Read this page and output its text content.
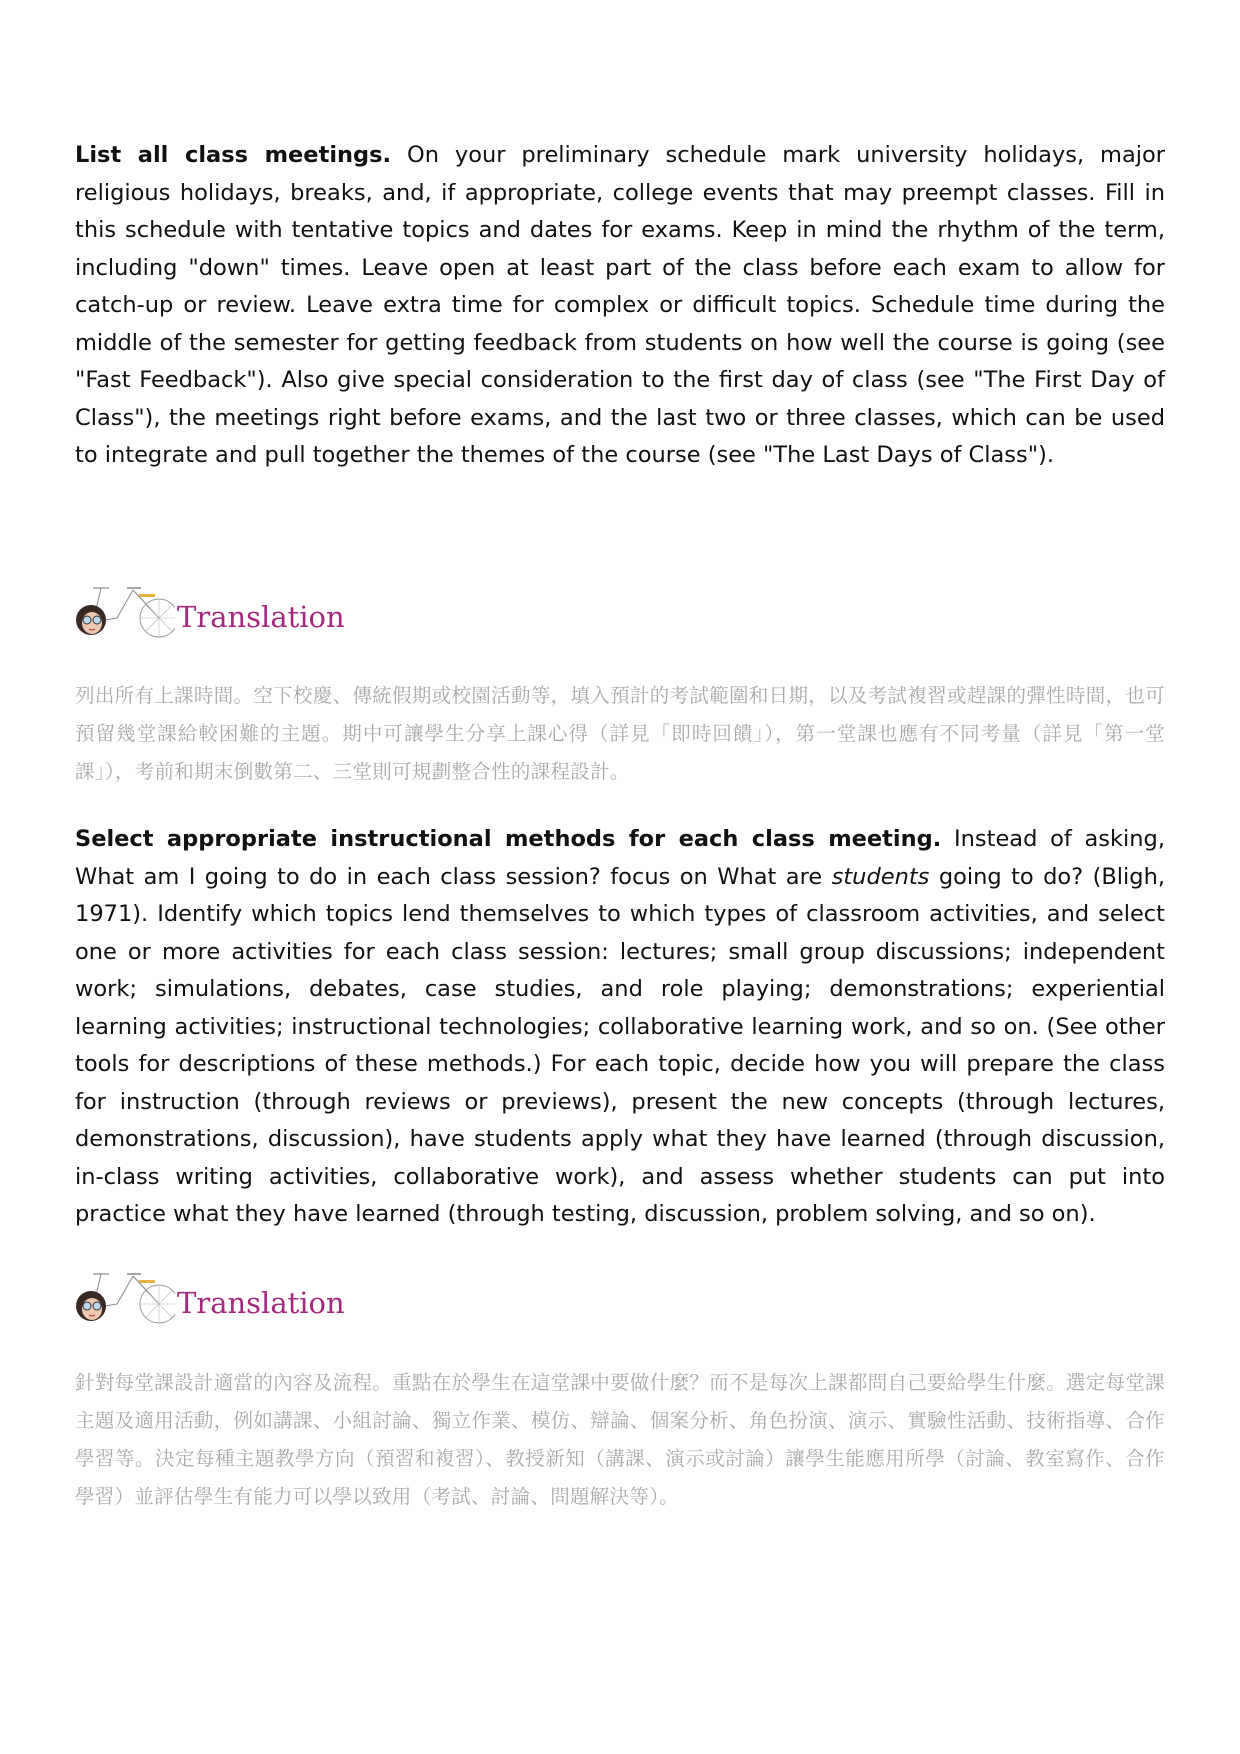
List all class meetings. On your preliminary schedule mark university holidays, major religious holidays, breaks, and, if appropriate, college events that may preempt classes. Fill in this schedule with tentative topics and dates for exams. Keep in mind the rhythm of the term, including "down" times. Leave open at least part of the class before each exam to allow for catch-up or review. Leave extra time for complex or difficult topics. Schedule time during the middle of the semester for getting feedback from students on how well the course is going (see "Fast Feedback"). Also give special consideration to the first day of class (see "The First Day of Class"), the meetings right before exams, and the last two or three classes, which can be used to integrate and pull together the themes of the course (see "The Last Days of Class").

Translation

列出所有上課時間。空下校慶、傳統假期或校園活動等，填入預計的考試範圍和日期，以及考試複習或趕課的彈性時間，也可預留幾堂課給較困難的主題。期中可讓學生分享上課心得（詳見「即時回饋」），第一堂課也應有不同考量（詳見「第一堂課」），考前和期末倒數第二、三堂則可規劃整合性的課程設計。

Select appropriate instructional methods for each class meeting. Instead of asking, What am I going to do in each class session? focus on What are students going to do? (Bligh, 1971). Identify which topics lend themselves to which types of classroom activities, and select one or more activities for each class session: lectures; small group discussions; independent work; simulations, debates, case studies, and role playing; demonstrations; experiential learning activities; instructional technologies; collaborative learning work, and so on. (See other tools for descriptions of these methods.) For each topic, decide how you will prepare the class for instruction (through reviews or previews), present the new concepts (through lectures, demonstrations, discussion), have students apply what they have learned (through discussion, in-class writing activities, collaborative work), and assess whether students can put into practice what they have learned (through testing, discussion, problem solving, and so on).

Translation

針對每堂課設計適當的內容及流程。重點在於學生在這堂課中要做什麼？而不是每次上課都問自己要給學生什麼。選定每堂課主題及適用活動，例如講課、小組討論、獨立作業、模仿、辯論、個案分析、角色扮演、演示、實驗性活動、技術指導、合作學習等。決定每種主題教學方向（預習和複習）、教授新知（講課、演示或討論）讓學生能應用所學（討論、教室寫作、合作學習）並評估學生有能力可以學以致用（考試、討論、問題解決等）。
